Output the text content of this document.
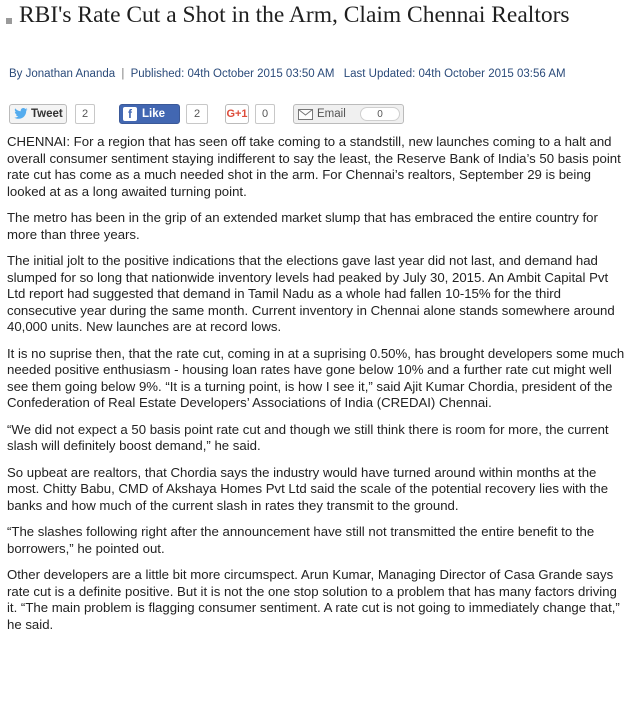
RBI's Rate Cut a Shot in the Arm, Claim Chennai Realtors
By Jonathan Ananda | Published: 04th October 2015 03:50 AM Last Updated: 04th October 2015 03:56 AM
Tweet	2	f Like	2	G+1	0	Email	0

CHENNAI: For a region that has seen off take coming to a standstill, new launches coming to a halt and overall consumer sentiment staying indifferent to say the least, the Reserve Bank of India’s 50 basis point rate cut has come as a much needed shot in the arm. For Chennai’s realtors, September 29 is being looked at as a long awaited turning point.

The metro has been in the grip of an extended market slump that has embraced the entire country for more than three years.

The initial jolt to the positive indications that the elections gave last year did not last, and demand had slumped for so long that nationwide inventory levels had peaked by July 30, 2015. An Ambit Capital Pvt Ltd report had suggested that demand in Tamil Nadu as a whole had fallen 10-15% for the third consecutive year during the same month. Current inventory in Chennai alone stands somewhere around 40,000 units. New launches are at record lows.

It is no suprise then, that the rate cut, coming in at a suprising 0.50%, has brought developers some much needed positive enthusiasm - housing loan rates have gone below 10% and a further rate cut might well see them going below 9%. “It is a turning point, is how I see it,” said Ajit Kumar Chordia, president of the Confederation of Real Estate Developers’ Associations of India (CREDAI) Chennai.

“We did not expect a 50 basis point rate cut and though we still think there is room for more, the current slash will definitely boost demand,” he said.

So upbeat are realtors, that Chordia says the industry would have turned around within months at the most. Chitty Babu, CMD of Akshaya Homes Pvt Ltd said the scale of the potential recovery lies with the banks and how much of the current slash in rates they transmit to the ground.

“The slashes following right after the announcement have still not transmitted the entire benefit to the borrowers,” he pointed out.

Other developers are a little bit more circumspect. Arun Kumar, Managing Director of Casa Grande says rate cut is a definite positive. But it is not the one stop solution to a problem that has many factors driving it. “The main problem is flagging consumer sentiment. A rate cut is not going to immediately change that,” he said.
